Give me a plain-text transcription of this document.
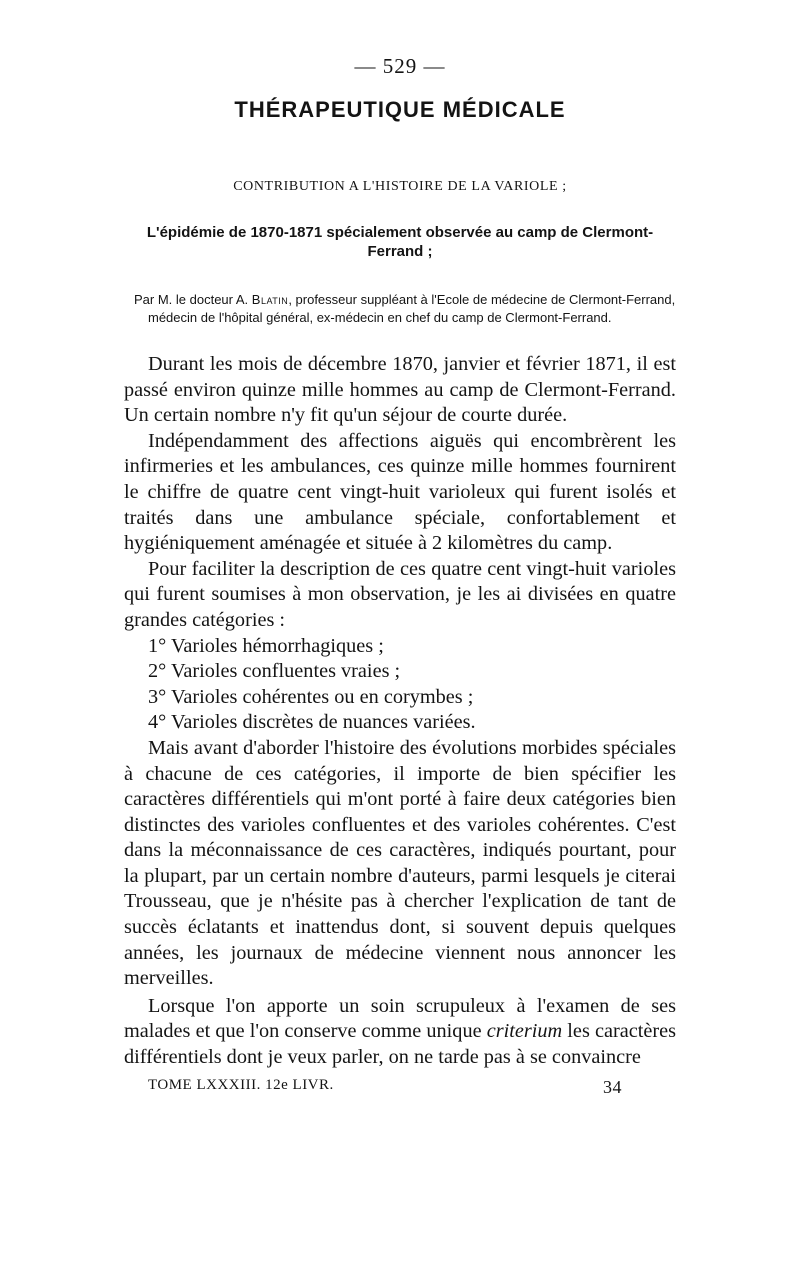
— 529 —
THÉRAPEUTIQUE MÉDICALE
CONTRIBUTION A L'HISTOIRE DE LA VARIOLE ;
L'épidémie de 1870-1871 spécialement observée au camp de Clermont-Ferrand ;
Par M. le docteur A. Blatin, professeur suppléant à l'Ecole de médecine de Clermont-Ferrand, médecin de l'hôpital général, ex-médecin en chef du camp de Clermont-Ferrand.

Durant les mois de décembre 1870, janvier et février 1871, il est passé environ quinze mille hommes au camp de Clermont-Ferrand. Un certain nombre n'y fit qu'un séjour de courte durée.

Indépendamment des affections aiguës qui encombrèrent les infirmeries et les ambulances, ces quinze mille hommes fournirent le chiffre de quatre cent vingt-huit varioleux qui furent isolés et traités dans une ambulance spéciale, confortablement et hygiéniquement aménagée et située à 2 kilomètres du camp.

Pour faciliter la description de ces quatre cent vingt-huit varioles qui furent soumises à mon observation, je les ai divisées en quatre grandes catégories :

1° Varioles hémorrhagiques ;

2° Varioles confluentes vraies ;

3° Varioles cohérentes ou en corymbes ;

4° Varioles discrètes de nuances variées.

Mais avant d'aborder l'histoire des évolutions morbides spéciales à chacune de ces catégories, il importe de bien spécifier les caractères différentiels qui m'ont porté à faire deux catégories bien distinctes des varioles confluentes et des varioles cohérentes. C'est dans la méconnaissance de ces caractères, indiqués pourtant, pour la plupart, par un certain nombre d'auteurs, parmi lesquels je citerai Trousseau, que je n'hésite pas à chercher l'explication de tant de succès éclatants et inattendus dont, si souvent depuis quelques années, les journaux de médecine viennent nous annoncer les merveilles.

Lorsque l'on apporte un soin scrupuleux à l'examen de ses malades et que l'on conserve comme unique criterium les caractères différentiels dont je veux parler, on ne tarde pas à se convaincre

TOME LXXXIII. 12e LIVR.	34
